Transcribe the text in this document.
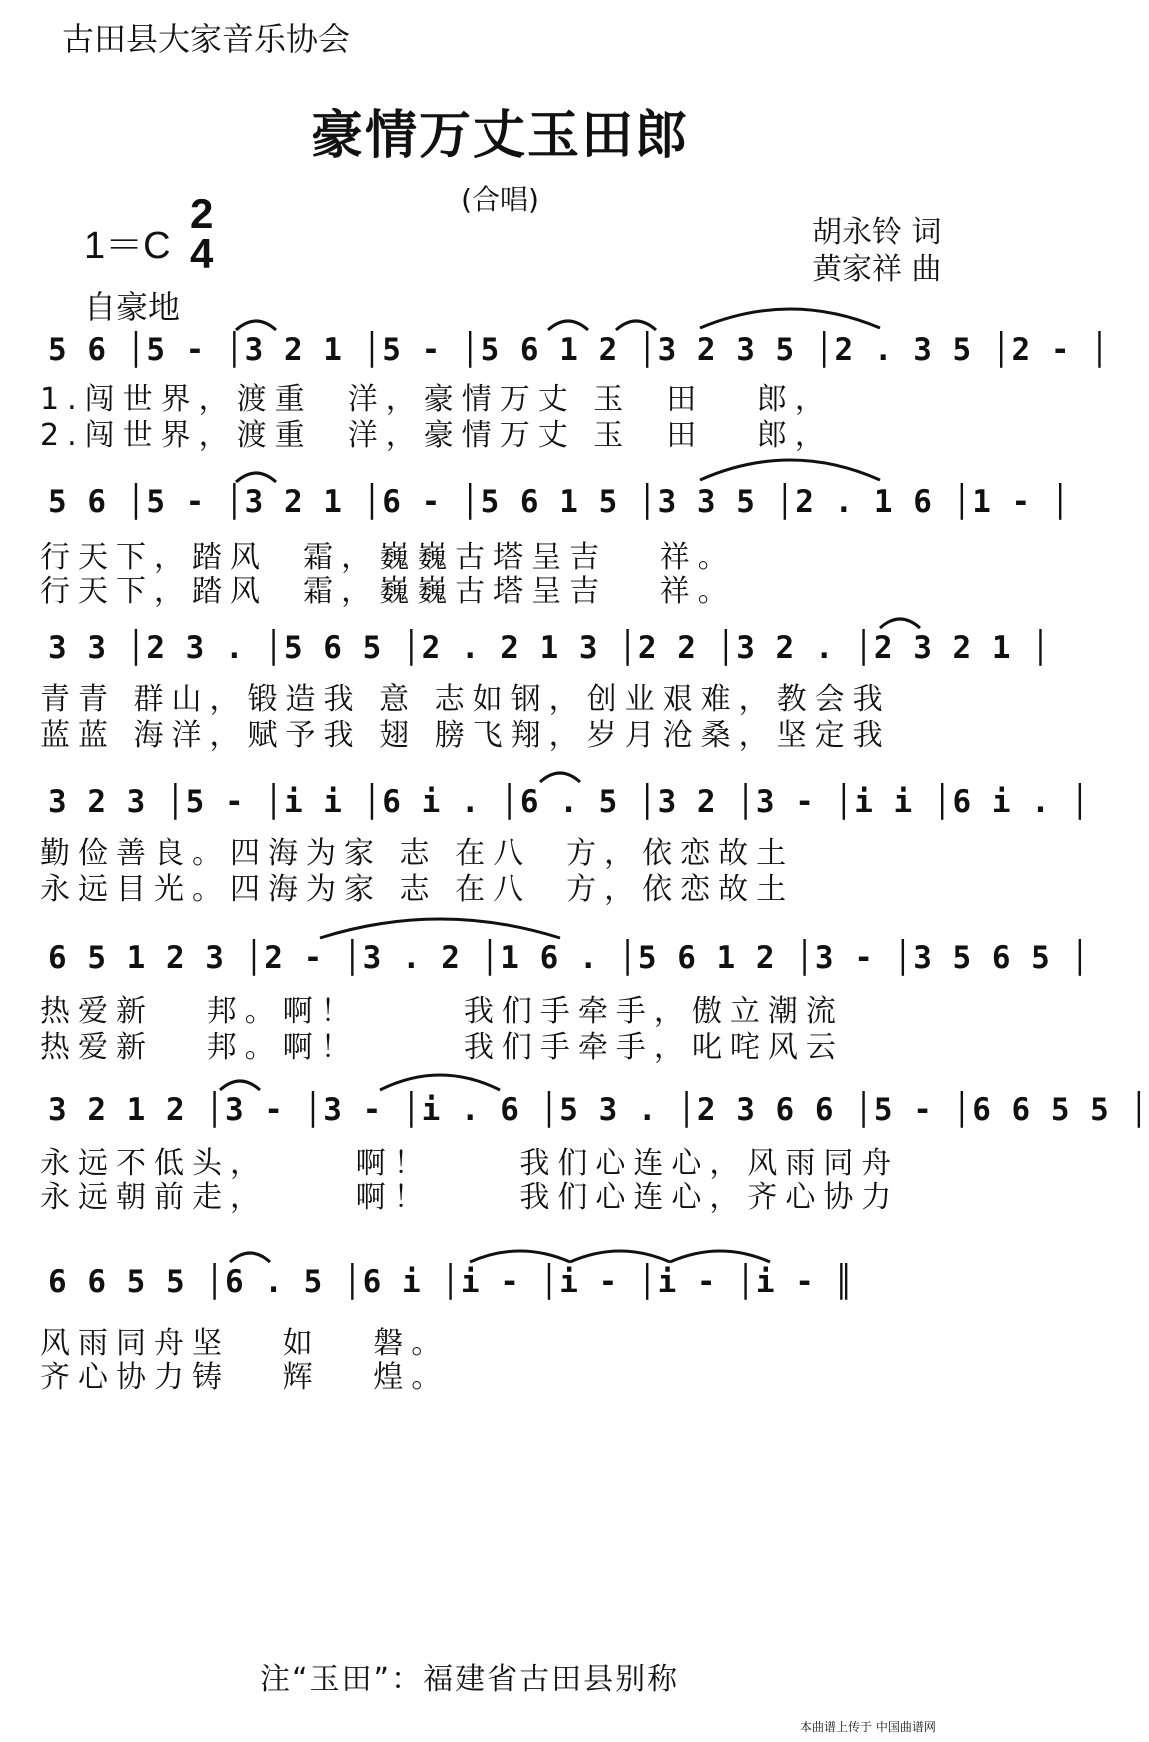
古田县大家音乐协会
豪情万丈玉田郎
(合唱)
1＝C
2
4
自豪地
胡永铃 词
黄家祥 曲
5 6 │5 - │3 2 1 │5 - │5 6 1 2 │3 2 3 5 │2 . 3 5 │2 - │
1.闯世界，渡重  洋，豪情万丈 玉  田   郎，
2.闯世界，渡重  洋，豪情万丈 玉  田   郎，
5 6 │5 - │3 2 1 │6 - │5 6 1 5 │3 3 5 │2 . 1 6 │1 - │
行天下，踏风  霜，巍巍古塔呈吉   祥。
行天下，踏风  霜，巍巍古塔呈吉   祥。
3 3 │2 3 . │5 6 5 │2 . 2 1 3 │2 2 │3 2 . │2 3 2 1 │
青青 群山，锻造我 意 志如钢，创业艰难，教会我
蓝蓝 海洋，赋予我 翅 膀飞翔，岁月沧桑，坚定我
3 2 3 │5 - │i i │6 i . │6 . 5 │3 2 │3 - │i i │6 i . │
勤俭善良。四海为家 志 在八  方，依恋故土
永远目光。四海为家 志 在八  方，依恋故土
6 5 1 2 3 │2 - │3 . 2 │1 6 . │5 6 1 2 │3 - │3 5 6 5 │
热爱新   邦。啊！      我们手牵手，傲立潮流
热爱新   邦。啊！      我们手牵手，叱咤风云
3 2 1 2 │3 - │3 - │i . 6 │5 3 . │2 3 6 6 │5 - │6 6 5 5 │
永远不低头，     啊！     我们心连心，风雨同舟
永远朝前走，     啊！     我们心连心，齐心协力
6 6 5 5 │6 . 5 │6 i │i - │i - │i - │i - ║
风雨同舟坚   如   磐。
齐心协力铸   辉   煌。
注“玉田”：福建省古田县别称
本曲谱上传于 中国曲谱网
